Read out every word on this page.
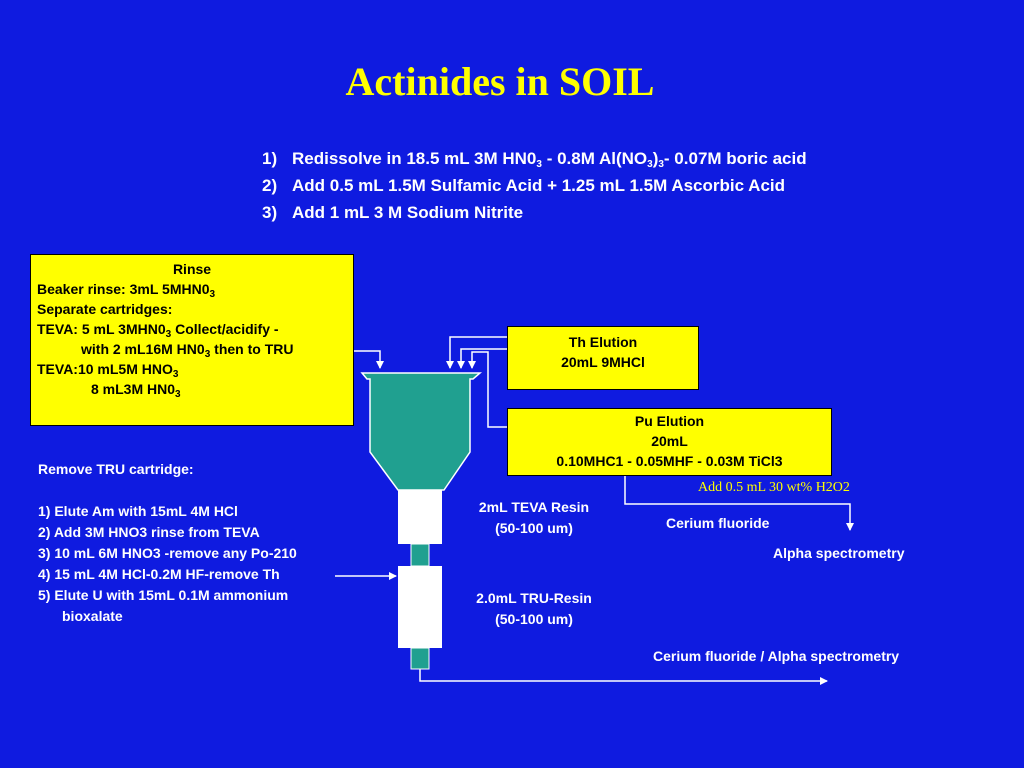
Actinides in SOIL
1) Redissolve in 18.5 mL 3M $HN0_3 - 0.8M$ $Al(NO_3)_3-$ 0.07M boric acid
2) Add 0.5 mL 1.5M Sulfamic Acid + 1.25 mL 1.5M Ascorbic Acid
3) Add 1 mL 3 M Sodium Nitrite
Rinse
Beaker rinse: 3mL $5MHN0_3$
Separate cartridges:
TEVA: 5 mL $3MHN0_3$ Collect/acidify -
with 2 mL16M $HN0_3$ then to TRU
TEVA:10 mL5M $HNO_3$
8 mL3M $HN0_3$
Th Elution
20mL 9MHCl
Pu Elution
20mL
0.10MHC1 - 0.05MHF - 0.03M TiCl3
Add 0.5 mL 30 wt% H2O2
Remove TRU cartridge:
1) Elute Am with 15mL 4M HCl
2) Add 3M HNO3 rinse from TEVA
3) 10 mL 6M HNO3 -remove any Po-210
4) 15 mL 4M HCl-0.2M HF-remove Th
5) Elute U with 15mL 0.1M ammonium
bioxalate
2mL TEVA Resin
(50-100 um)
2.0mL TRU-Resin
(50-100 um)
Cerium fluoride
Alpha spectrometry
Cerium fluoride / Alpha spectrometry
